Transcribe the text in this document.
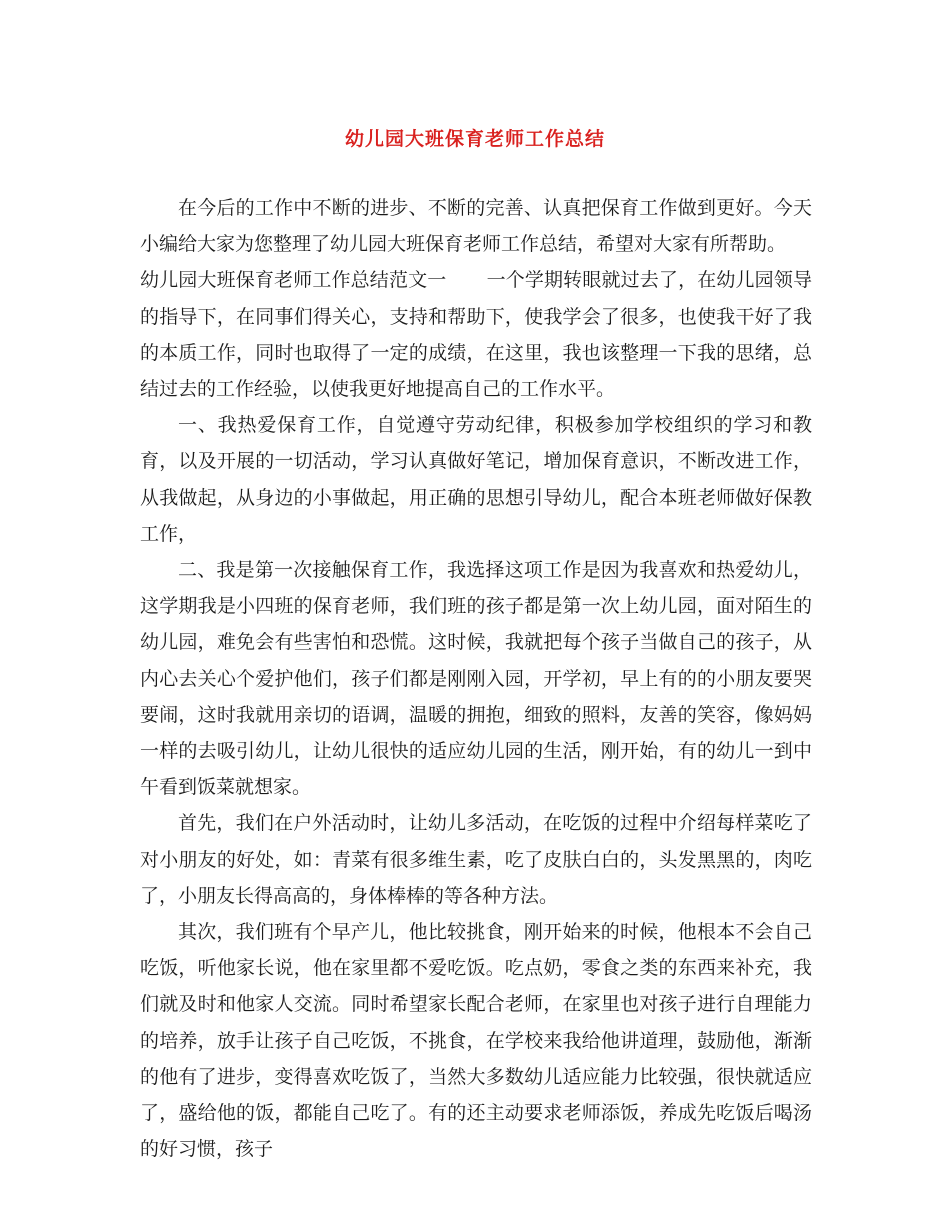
幼儿园大班保育老师工作总结

在今后的工作中不断的进步、不断的完善、认真把保育工作做到更好。今天小编给大家为您整理了幼儿园大班保育老师工作总结，希望对大家有所帮助。

幼儿园大班保育老师工作总结范文一 一个学期转眼就过去了，在幼儿园领导的指导下，在同事们得关心，支持和帮助下，使我学会了很多，也使我干好了我的本质工作，同时也取得了一定的成绩，在这里，我也该整理一下我的思绪，总结过去的工作经验，以使我更好地提高自己的工作水平。

一、我热爱保育工作，自觉遵守劳动纪律，积极参加学校组织的学习和教育，以及开展的一切活动，学习认真做好笔记，增加保育意识，不断改进工作，从我做起，从身边的小事做起，用正确的思想引导幼儿，配合本班老师做好保教工作，

二、我是第一次接触保育工作，我选择这项工作是因为我喜欢和热爱幼儿，这学期我是小四班的保育老师，我们班的孩子都是第一次上幼儿园，面对陌生的幼儿园，难免会有些害怕和恐慌。这时候，我就把每个孩子当做自己的孩子，从内心去关心个爱护他们，孩子们都是刚刚入园，开学初，早上有的的小朋友要哭要闹，这时我就用亲切的语调，温暖的拥抱，细致的照料，友善的笑容，像妈妈一样的去吸引幼儿，让幼儿很快的适应幼儿园的生活，刚开始，有的幼儿一到中午看到饭菜就想家。

首先，我们在户外活动时，让幼儿多活动，在吃饭的过程中介绍每样菜吃了对小朋友的好处，如：青菜有很多维生素，吃了皮肤白白的，头发黑黑的，肉吃了，小朋友长得高高的，身体棒棒的等各种方法。

其次，我们班有个早产儿，他比较挑食，刚开始来的时候，他根本不会自己吃饭，听他家长说，他在家里都不爱吃饭。吃点奶，零食之类的东西来补充，我们就及时和他家人交流。同时希望家长配合老师，在家里也对孩子进行自理能力的培养，放手让孩子自己吃饭，不挑食，在学校来我给他讲道理，鼓励他，渐渐的他有了进步，变得喜欢吃饭了，当然大多数幼儿适应能力比较强，很快就适应了，盛给他的饭，都能自己吃了。有的还主动要求老师添饭，养成先吃饭后喝汤的好习惯，孩子
